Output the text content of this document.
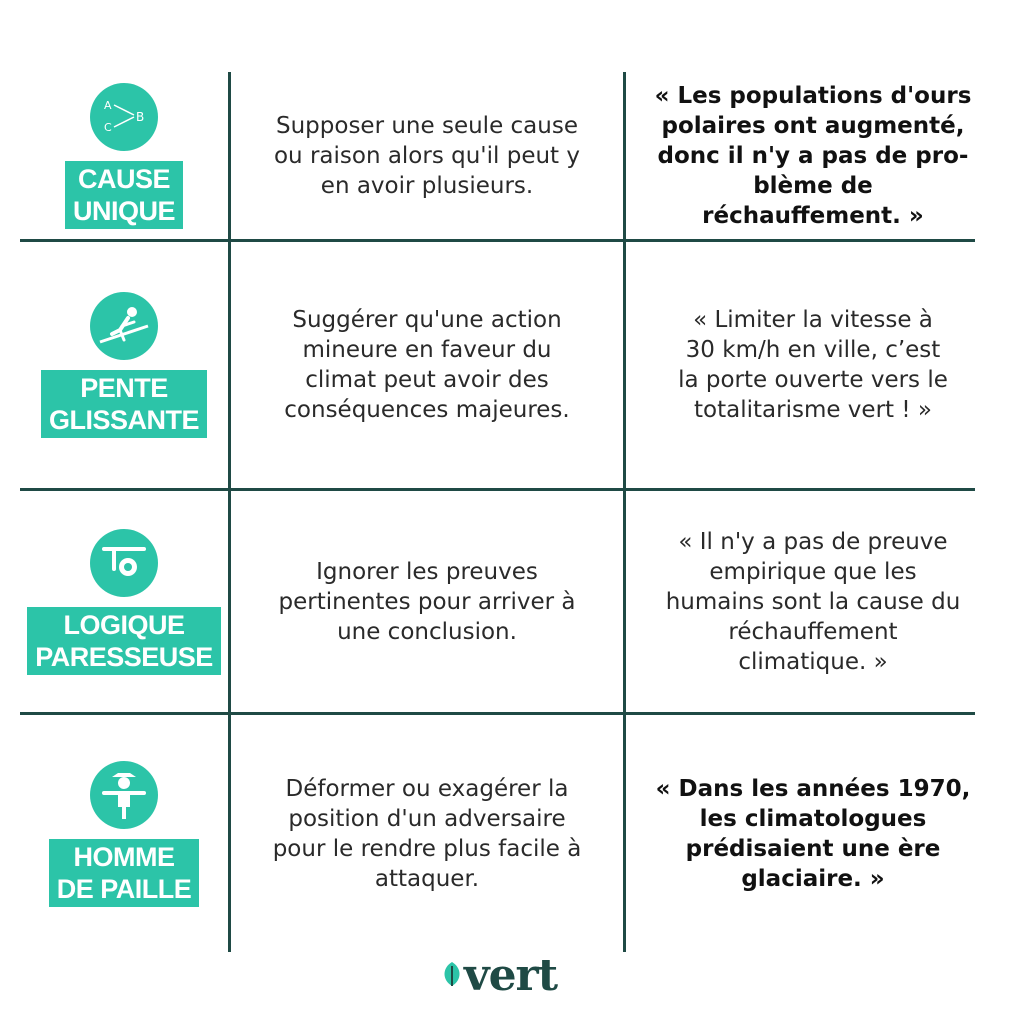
A
C
B
CAUSE
UNIQUE
Supposer une seule cause
ou raison alors qu'il peut y
en avoir plusieurs.
« Les populations d'ours
polaires ont augmenté,
donc il n'y a pas de pro-
blème de
réchauffement. »
PENTE
GLISSANTE
Suggérer qu'une action
mineure en faveur du
climat peut avoir des
conséquences majeures.
« Limiter la vitesse à
30 km/h en ville, c’est
la porte ouverte vers le
totalitarisme vert ! »
LOGIQUE
PARESSEUSE
Ignorer les preuves
pertinentes pour arriver à
une conclusion.
« Il n'y a pas de preuve
empirique que les
humains sont la cause du
réchauffement
climatique. »
HOMME
DE PAILLE
Déformer ou exagérer la
position d'un adversaire
pour le rendre plus facile à
attaquer.
« Dans les années 1970,
les climatologues
prédisaient une ère
glaciaire. »
vert
